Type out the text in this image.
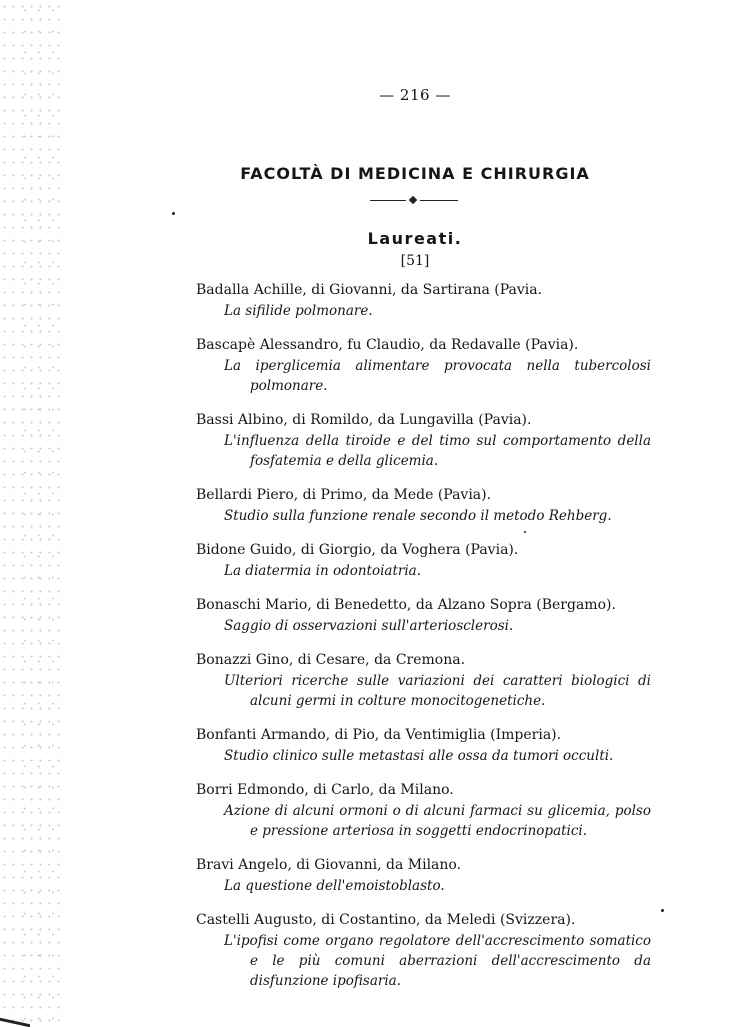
— 216 —
FACOLTÀ DI MEDICINA E CHIRURGIA
Laureati.
[51]
Badalla Achille, di Giovanni, da Sartirana (Pavia.
La sifilide polmonare.
Bascapè Alessandro, fu Claudio, da Redavalle (Pavia).
La iperglicemia alimentare provocata nella tubercolosi polmonare.
Bassi Albino, di Romildo, da Lungavilla (Pavia).
L'influenza della tiroide e del timo sul comportamento della fosfatemia e della glicemia.
Bellardi Piero, di Primo, da Mede (Pavia).
Studio sulla funzione renale secondo il metodo Rehberg.
Bidone Guido, di Giorgio, da Voghera (Pavia).
La diatermia in odontoiatria.
Bonaschi Mario, di Benedetto, da Alzano Sopra (Bergamo).
Saggio di osservazioni sull'arteriosclerosi.
Bonazzi Gino, di Cesare, da Cremona.
Ulteriori ricerche sulle variazioni dei caratteri biologici di alcuni germi in colture monocitogenetiche.
Bonfanti Armando, di Pio, da Ventimiglia (Imperia).
Studio clinico sulle metastasi alle ossa da tumori occulti.
Borri Edmondo, di Carlo, da Milano.
Azione di alcuni ormoni o di alcuni farmaci su glicemia, polso e pressione arteriosa in soggetti endocrinopatici.
Bravi Angelo, di Giovanni, da Milano.
La questione dell'emoistoblasto.
Castelli Augusto, di Costantino, da Meledi (Svizzera).
L'ipofisi come organo regolatore dell'accrescimento somatico e le più comuni aberrazioni dell'accrescimento da disfunzione ipofisaria.
